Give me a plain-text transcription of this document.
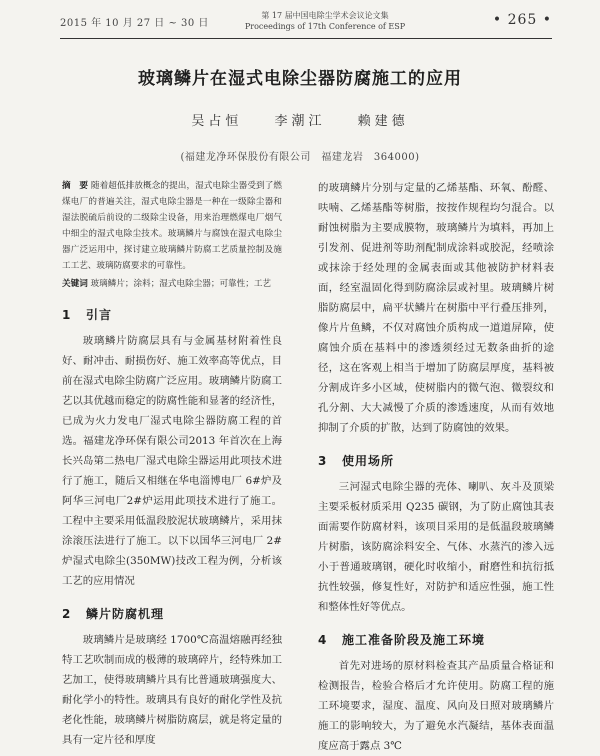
2015 年 10 月 27 日 ~ 30 日
第 17 届中国电除尘学术会议论文集
Proceedings of 17th Conference of ESP	• 265 •
玻璃鳞片在湿式电除尘器防腐施工的应用
吴占恒 李潮江 赖建德
(福建龙净环保股份有限公司　福建龙岩　364000)
摘　要 随着超低排放概念的提出，湿式电除尘器受到了燃煤电厂的普遍关注，湿式电除尘器是一种在一级除尘器和湿法脱硫后前设的二级除尘设备，用来治理燃煤电厂烟气中细尘的湿式电除尘技术。玻璃鳞片与腐蚀在湿式电除尘器广泛运用中，探讨建立玻璃鳞片防腐工艺质量控制及施工工艺、玻璃防腐要求的可靠性。
关键词 玻璃鳞片；涂料；湿式电除尘器；可靠性；工艺
1 引言

玻璃鳞片防腐层具有与金属基材附着性良好、耐冲击、耐损伤好、施工效率高等优点，目前在湿式电除尘防腐广泛应用。玻璃鳞片防腐工艺以其优越而稳定的防腐性能和显著的经济性，已成为火力发电厂湿式电除尘器防腐工程的首选。福建龙净环保有限公司2013 年首次在上海长兴岛第二热电厂湿式电除尘器运用此项技术进行了施工，随后又相继在华电淄博电厂 6#炉及阿华三河电厂2#炉运用此项技术进行了施工。工程中主要采用低温段胶泥状玻璃鳞片，采用抹涂滚压法进行了施工。以下以国华三河电厂 2#炉湿式电除尘(350MW)技改工程为例，分析该工艺的应用情况

2 鳞片防腐机理

玻璃鳞片是玻璃经 1700℃高温熔融再经独特工艺吹制而成的极薄的玻璃碎片，经特殊加工艺加工，使得玻璃鳞片具有比普通玻璃强度大、耐化学小的特性。玻璃具有良好的耐化学性及抗老化性能，玻璃鳞片树脂防腐层，就是将定量的具有一定片径和厚度

的玻璃鳞片分别与定量的乙烯基酯、环氧、酚醛、呋喃、乙烯基酯等树脂，按按作规程均匀混合。以耐蚀树脂为主要成膜物，玻璃鳞片为填料，再加上引发剂、促进剂等助剂配制成涂料或胶泥，经喷涂或抹涂于经处理的金属表面或其他被防护材料表面，经室温固化得到防腐涂层或衬里。玻璃鳞片树脂防腐层中，扁平状鳞片在树脂中平行叠压排列，像片片鱼鳞，不仅对腐蚀介质构成一道道屏障，使腐蚀介质在基料中的渗透须经过无数条曲折的途径，这在客观上相当于增加了防腐层厚度，基料被分割成许多小区域，使树脂内的微气泡、微裂纹和孔分割、大大减慢了介质的渗透速度，从而有效地抑制了介质的扩散，达到了防腐蚀的效果。

3 使用场所

三河湿式电除尘器的壳体、喇叭、灰斗及顶梁主要采板材质采用 Q235 碳钢，为了防止腐蚀其表面需要作防腐材料，该项目采用的是低温段玻璃鳞片树脂，该防腐涂料安全、气体、水蒸汽的渗入远小于普通玻璃钢，硬化时收缩小，耐磨性和抗衍抵抗性较强，修复性好，对防护和适应性强，施工性和整体性好等优点。

4 施工准备阶段及施工环境

首先对进场的原材料检查其产品质量合格证和检测报告，检验合格后才允许使用。防腐工程的施工环境要求，湿度、温度、风向及日照对玻璃鳞片施工的影响较大，为了避免水汽凝结，基体表面温度应高于露点 3℃
